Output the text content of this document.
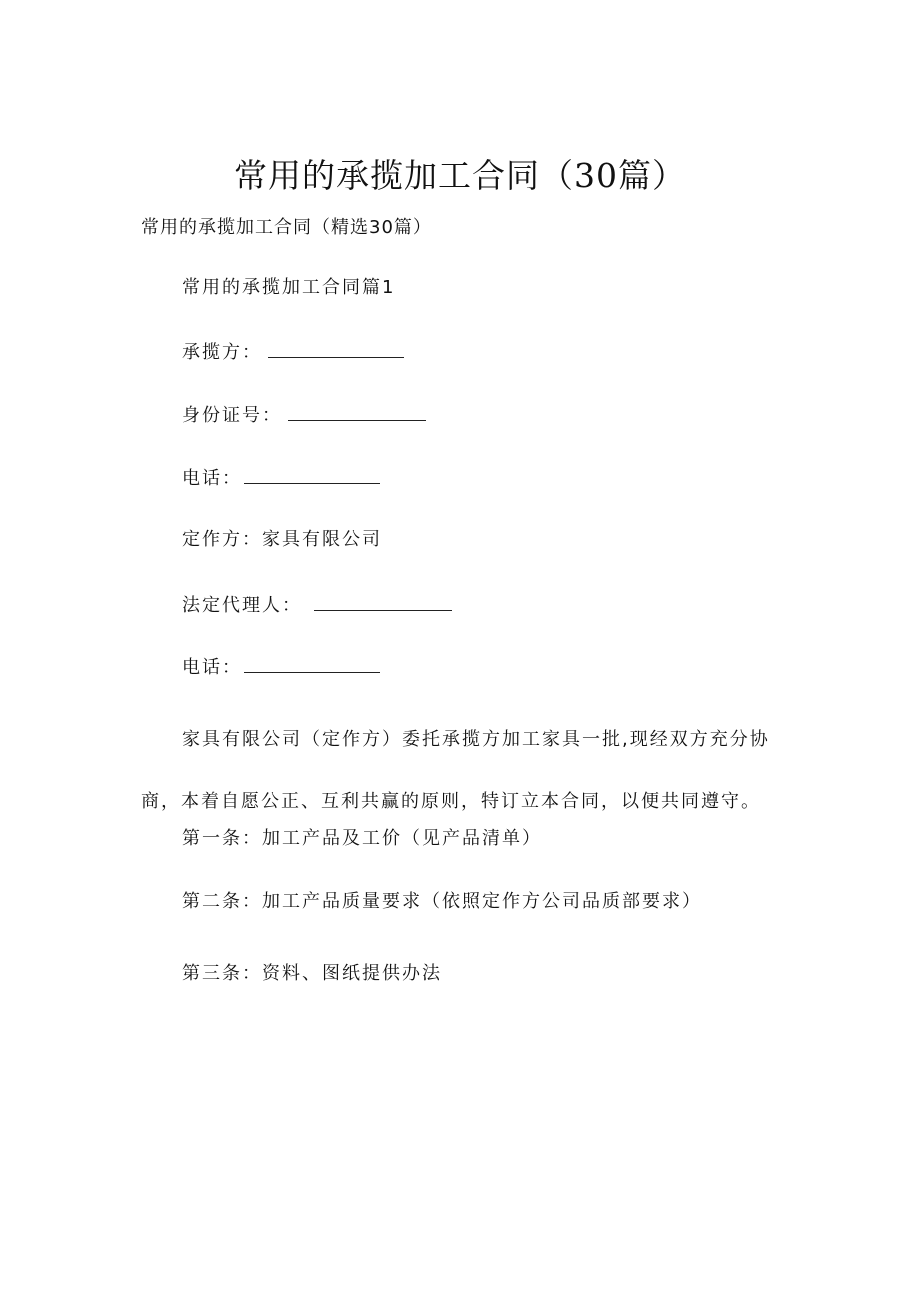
常用的承揽加工合同（30篇）
常用的承揽加工合同（精选30篇）
常用的承揽加工合同篇1
承揽方：
身份证号：
电话：
定作方：家具有限公司
法定代理人：
电话：

家具有限公司（定作方）委托承揽方加工家具一批,现经双方充分协商，本着自愿公正、互利共赢的原则，特订立本合同，以便共同遵守。

第一条：加工产品及工价（见产品清单）
第二条：加工产品质量要求（依照定作方公司品质部要求）
第三条：资料、图纸提供办法
